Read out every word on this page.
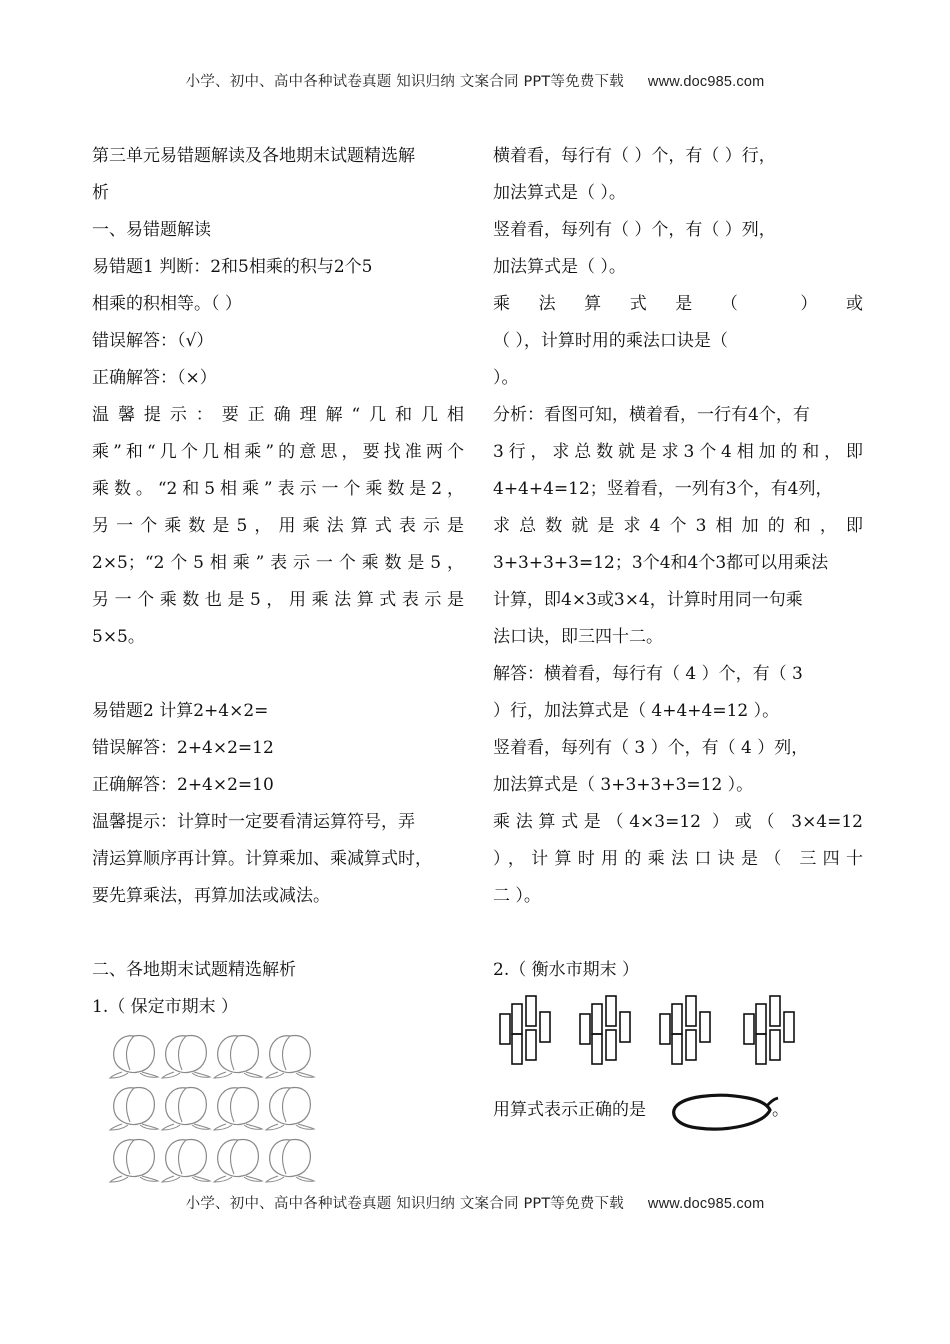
小学、初中、高中各种试卷真题 知识归纳 文案合同 PPT等免费下载 www.doc985.com

第三单元易错题解读及各地期末试题精选解

析

一、易错题解读

易错题1 判断：2和5相乘的积与2个5

相乘的积相等。（ ）

错误解答：（√）

正确解答：（×）

温馨提示：要正确理解“几和几相

乘”和“几个几相乘”的意思，要找准两个

乘数。“2和5相乘”表示一个乘数是2，

另一个乘数是5，用乘法算式表示是

2×5；“2个5相乘”表示一个乘数是5，

另一个乘数也是5，用乘法算式表示是

5×5。

易错题2 计算2+4×2=

错误解答：2+4×2=12

正确解答：2+4×2=10

温馨提示：计算时一定要看清运算符号，弄

清运算顺序再计算。计算乘加、乘减算式时，

要先算乘法，再算加法或减法。

二、各地期末试题精选解析

1.（ 保定市期末 ）

横着看，每行有（ ）个，有（ ）行，

加法算式是（ ）。

竖着看，每列有（ ）个，有（ ）列，

加法算式是（ ）。

乘法算式是（ ）或

（ ），计算时用的乘法口诀是（

）。

分析：看图可知，横着看，一行有4个，有

3行，求总数就是求3个4相加的和，即

4+4+4=12；竖着看，一列有3个，有4列，

求总数就是求4个3相加的和，即

3+3+3+3=12；3个4和4个3都可以用乘法

计算，即4×3或3×4，计算时用同一句乘

法口诀，即三四十二。

解答：横着看，每行有（ 4 ）个，有（ 3

）行，加法算式是（ 4+4+4=12 ）。

竖着看，每列有（ 3 ）个，有（ 4 ）列，

加法算式是（ 3+3+3+3=12 ）。

乘法算式是（4×3=12 ）或（ 3×4=12

），计算时用的乘法口诀是（ 三四十

二 ）。

2.（ 衡水市期末 ）

用算式表示正确的是	。

小学、初中、高中各种试卷真题 知识归纳 文案合同 PPT等免费下载 www.doc985.com
